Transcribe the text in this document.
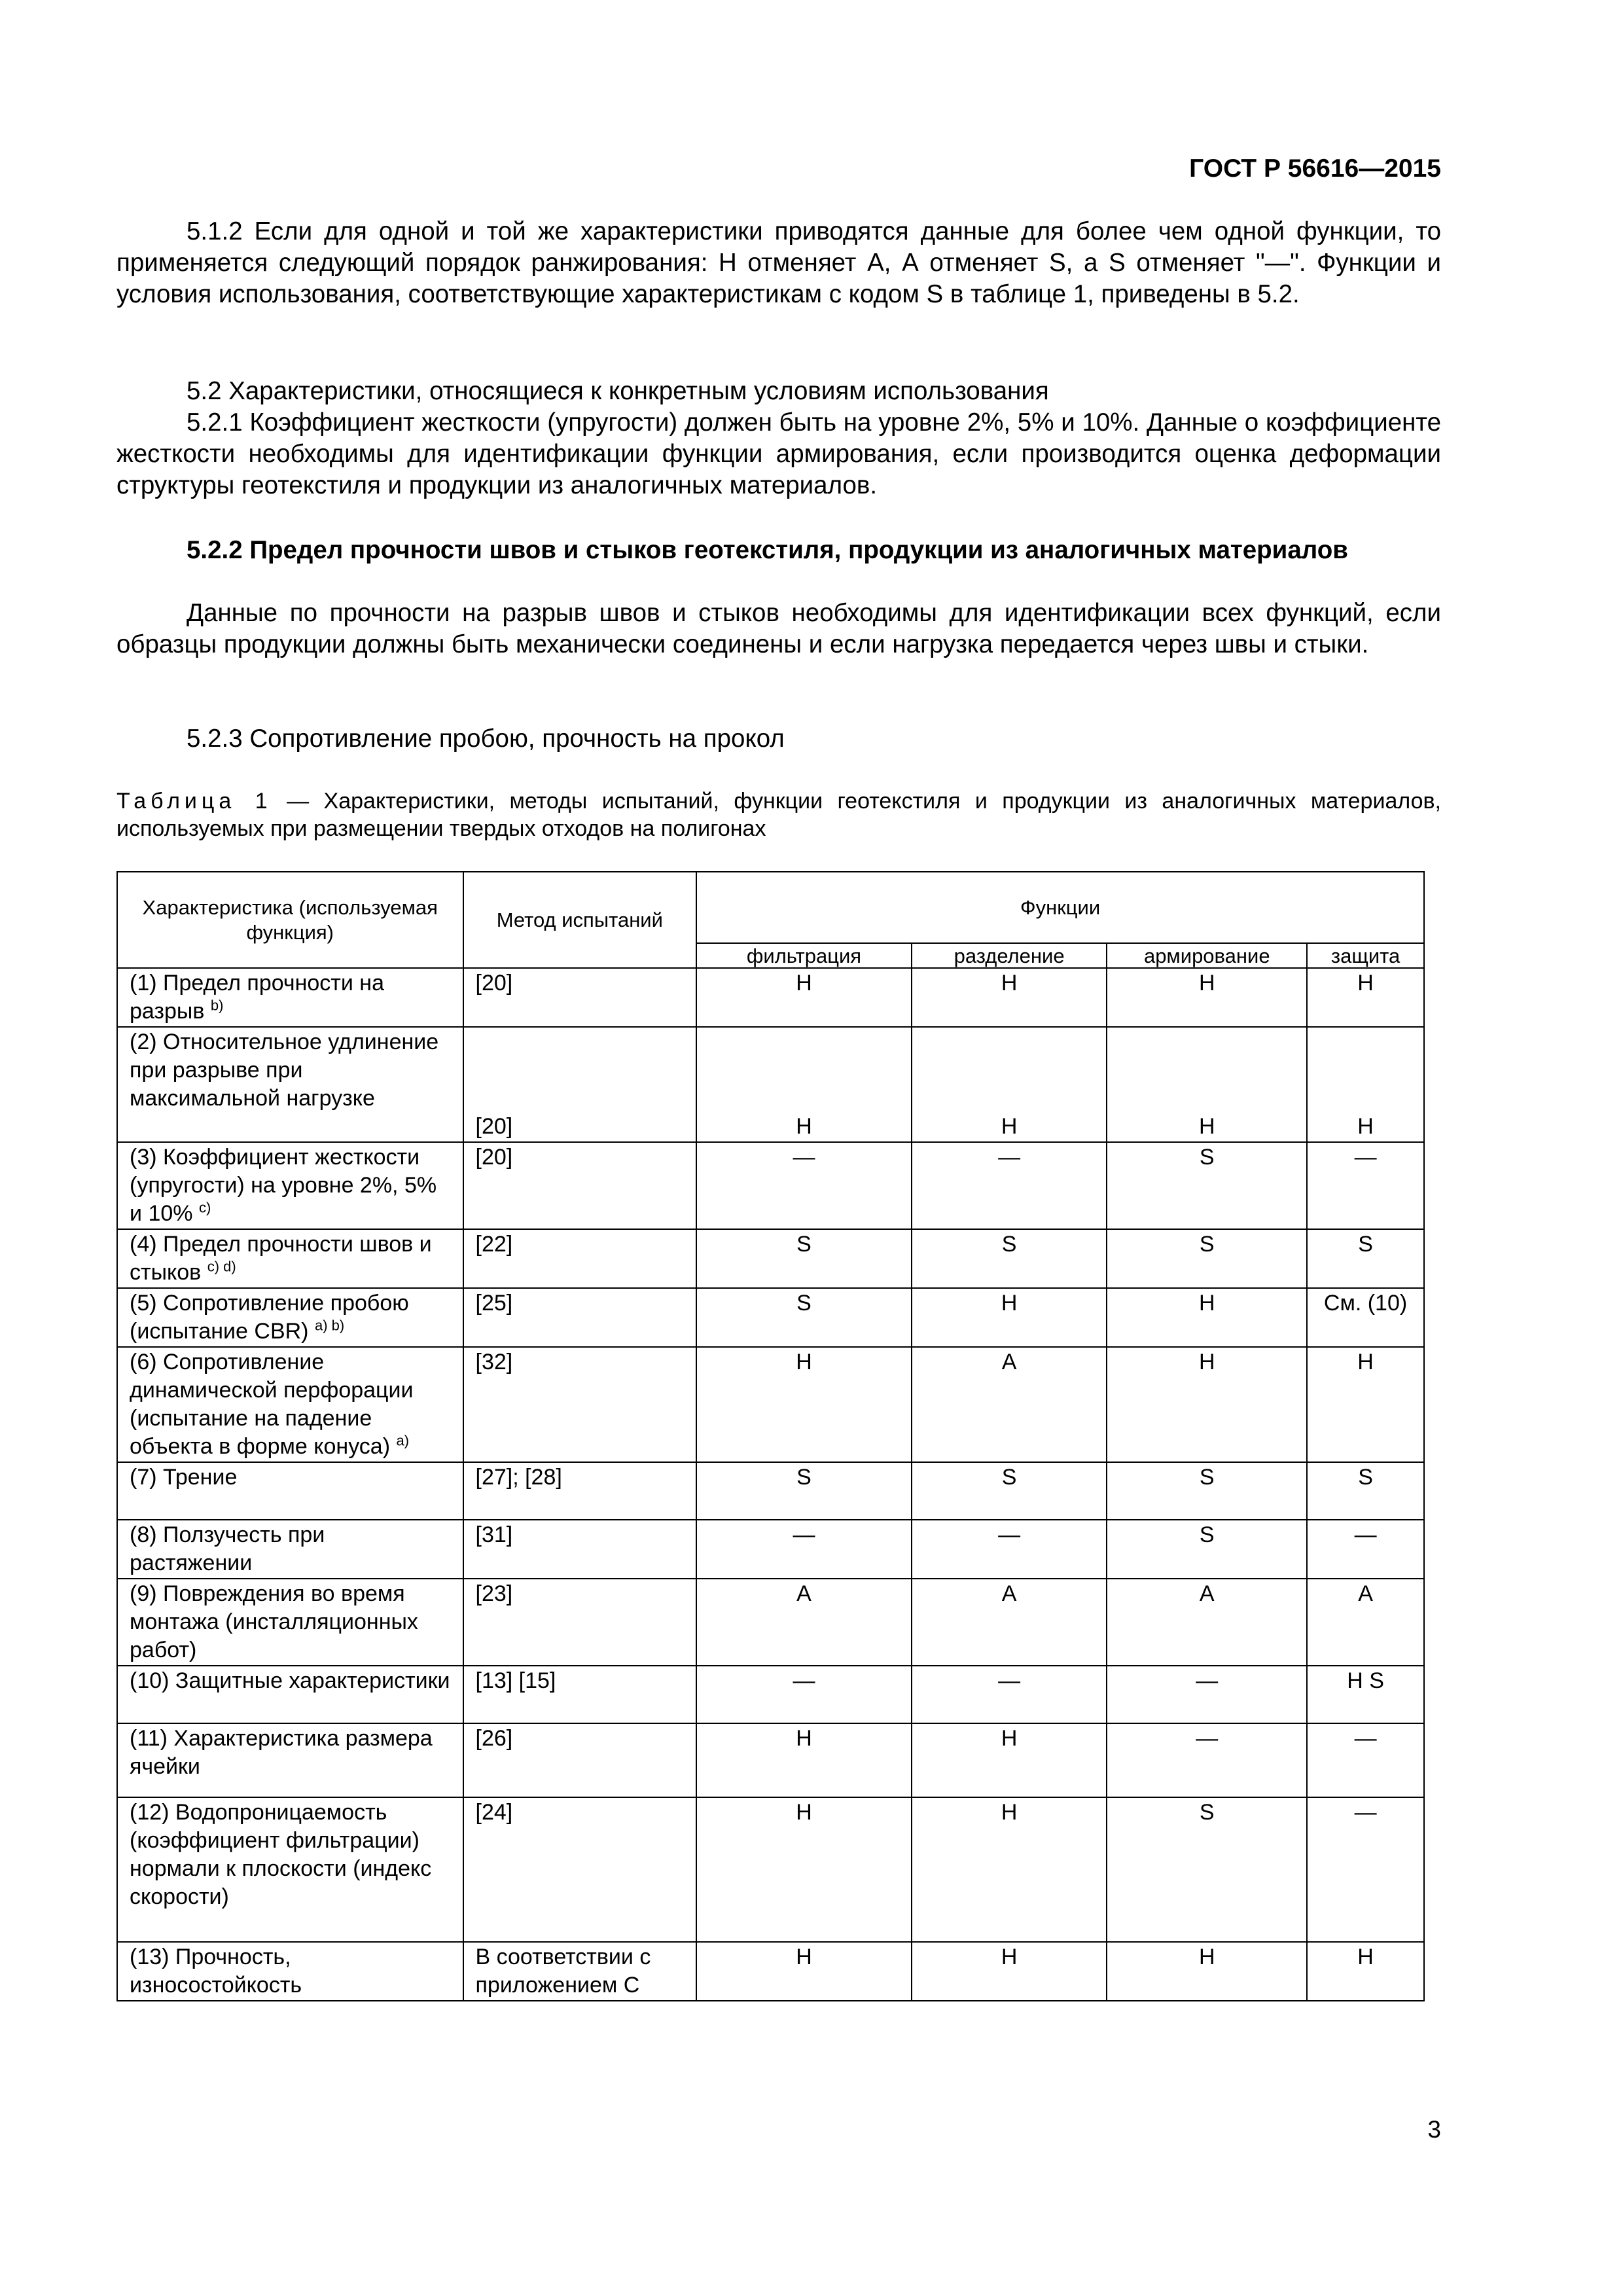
ГОСТ Р 56616—2015
5.1.2 Если для одной и той же характеристики приводятся данные для более чем одной функции, то применяется следующий порядок ранжирования: Н отменяет А, А отменяет S, а S отменяет "—". Функции и условия использования, соответствующие характеристикам с кодом S в таблице 1, приведены в 5.2.
5.2 Характеристики, относящиеся к конкретным условиям использования
5.2.1 Коэффициент жесткости (упругости) должен быть на уровне 2%, 5% и 10%. Данные о коэффициенте жесткости необходимы для идентификации функции армирования, если производится оценка деформации структуры геотекстиля и продукции из аналогичных материалов.
5.2.2 Предел прочности швов и стыков геотекстиля, продукции из аналогичных материалов
Данные по прочности на разрыв швов и стыков необходимы для идентификации всех функций, если образцы продукции должны быть механически соединены и если нагрузка передается через швы и стыки.
5.2.3 Сопротивление пробою, прочность на прокол
Таблица 1 — Характеристики, методы испытаний, функции геотекстиля и продукции из аналогичных материалов, используемых при размещении твердых отходов на полигонах
Характеристика (используемая функция)	Метод испытаний	Функции			
		фильтрация	разделение	армирование	защита
(1) Предел прочности на разрыв $^{b)}$	[20]	Н	Н	Н	Н
(2) Относительное удлинение при разрыве при максимальной нагрузке	[20]	Н	Н	Н	Н
(3) Коэффициент жесткости (упругости) на уровне 2%, 5% и 10% $^{c)}$	[20]	—	—	S	—
(4) Предел прочности швов и стыков $^{c) d)}$	[22]	S	S	S	S
(5) Сопротивление пробою (испытание CBR) $^{a) b)}$	[25]	S	Н	Н	См. (10)
(6) Сопротивление динамической перфорации (испытание на падение объекта в форме конуса) $^{a)}$	[32]	Н	А	Н	Н
(7) Трение	[27]; [28]	S	S	S	S
(8) Ползучесть при растяжении	[31]	—	—	S	—
(9) Повреждения во время монтажа (инсталляционных работ)	[23]	А	А	А	А
(10) Защитные характеристики	[13] [15]	—	—	—	Н S
(11) Характеристика размера ячейки	[26]	Н	Н	—	—
(12) Водопроницаемость (коэффициент фильтрации) нормали к плоскости (индекс скорости)	[24]	Н	Н	S	—
(13) Прочность, износостойкость	В соответствии с приложением С	Н	Н	Н	Н
3
